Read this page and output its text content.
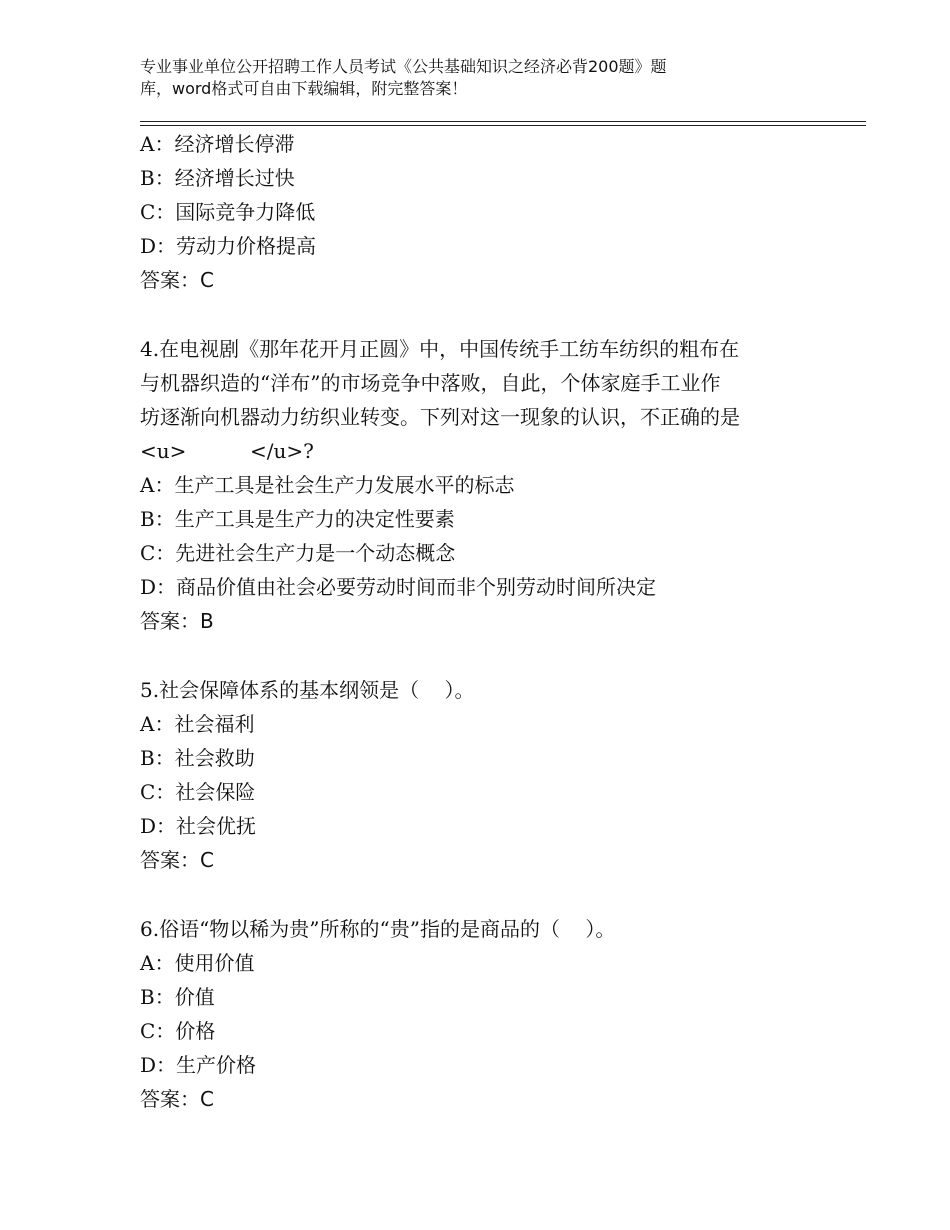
专业事业单位公开招聘工作人员考试《公共基础知识之经济必背200题》题
库，word格式可自由下载编辑，附完整答案！
A：经济增长停滞
B：经济增长过快
C：国际竞争力降低
D：劳动力价格提高
答案：C
4.在电视剧《那年花开月正圆》中，中国传统手工纺车纺织的粗布在
与机器织造的“洋布”的市场竞争中落败，自此，个体家庭手工业作
坊逐渐向机器动力纺织业转变。下列对这一现象的认识，不正确的是
<u>          </u>?
A：生产工具是社会生产力发展水平的标志
B：生产工具是生产力的决定性要素
C：先进社会生产力是一个动态概念
D：商品价值由社会必要劳动时间而非个别劳动时间所决定
答案：B
5.社会保障体系的基本纲领是（    ）。
A：社会福利
B：社会救助
C：社会保险
D：社会优抚
答案：C
6.俗语“物以稀为贵”所称的“贵”指的是商品的（    ）。
A：使用价值
B：价值
C：价格
D：生产价格
答案：C
